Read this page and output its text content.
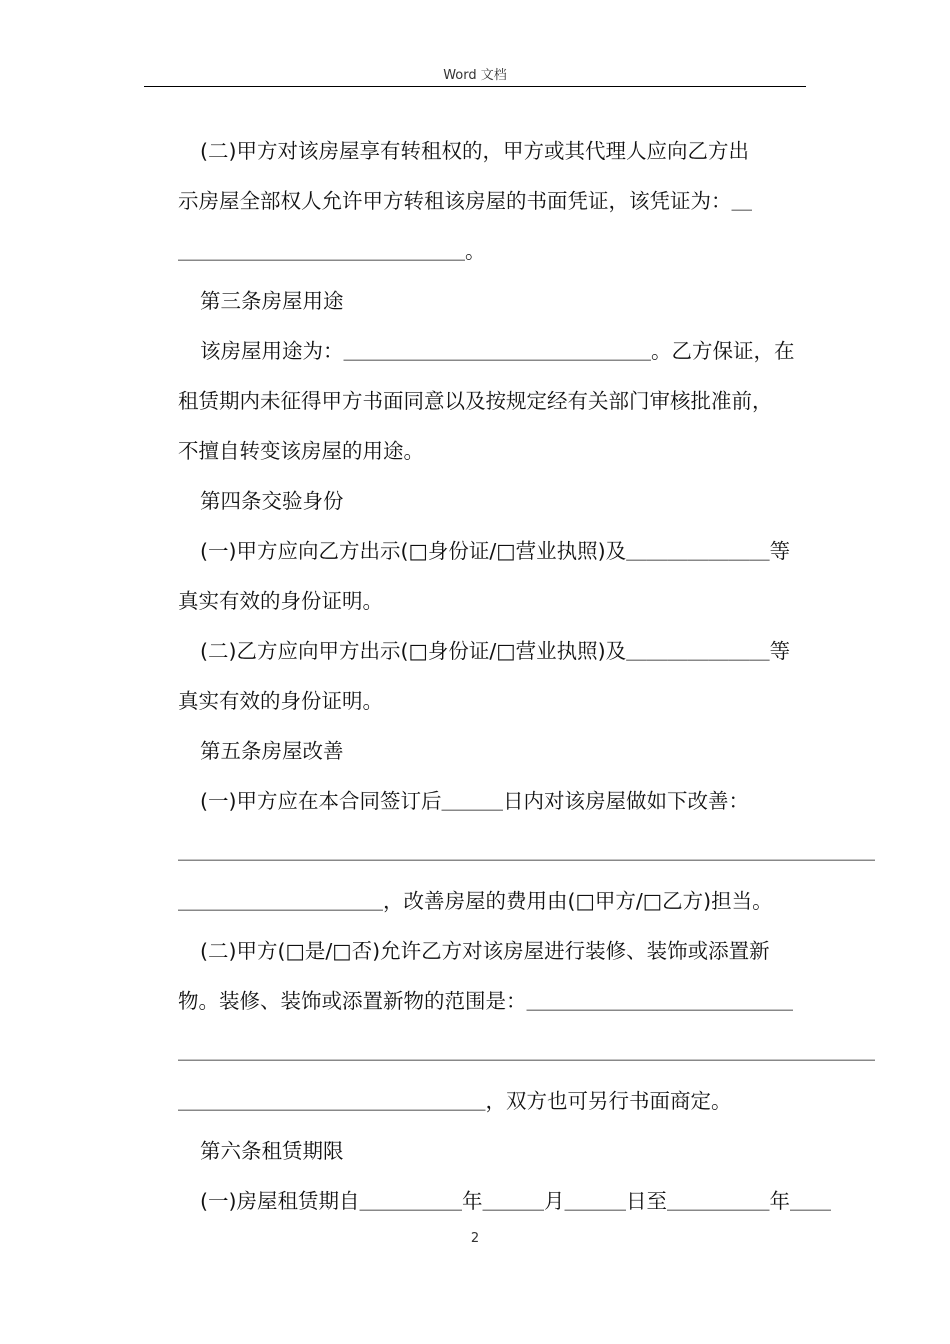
Word 文档

(二)甲方对该房屋享有转租权的，甲方或其代理人应向乙方出

示房屋全部权人允许甲方转租该房屋的书面凭证，该凭证为：＿

＿＿＿＿＿＿＿＿＿＿＿＿＿＿。

第三条房屋用途

该房屋用途为：＿＿＿＿＿＿＿＿＿＿＿＿＿＿＿。乙方保证，在

租赁期内未征得甲方书面同意以及按规定经有关部门审核批准前，

不擅自转变该房屋的用途。

第四条交验身份

(一)甲方应向乙方出示(□身份证/□营业执照)及＿＿＿＿＿＿＿等

真实有效的身份证明。

(二)乙方应向甲方出示(□身份证/□营业执照)及＿＿＿＿＿＿＿等

真实有效的身份证明。

第五条房屋改善

(一)甲方应在本合同签订后＿＿＿日内对该房屋做如下改善：

＿＿＿＿＿＿＿＿＿＿＿＿＿＿＿＿＿＿＿＿＿＿＿＿＿＿＿＿＿＿＿＿＿＿

＿＿＿＿＿＿＿＿＿＿，改善房屋的费用由(□甲方/□乙方)担当。

(二)甲方(□是/□否)允许乙方对该房屋进行装修、装饰或添置新

物。装修、装饰或添置新物的范围是：＿＿＿＿＿＿＿＿＿＿＿＿＿

＿＿＿＿＿＿＿＿＿＿＿＿＿＿＿＿＿＿＿＿＿＿＿＿＿＿＿＿＿＿＿＿＿＿

＿＿＿＿＿＿＿＿＿＿＿＿＿＿＿，双方也可另行书面商定。

第六条租赁期限

(一)房屋租赁期自＿＿＿＿＿年＿＿＿月＿＿＿日至＿＿＿＿＿年＿＿

2
